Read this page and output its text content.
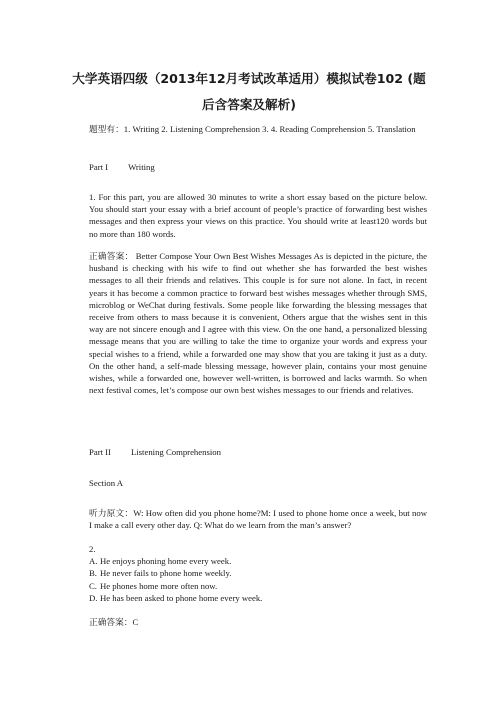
大学英语四级（2013年12月考试改革适用）模拟试卷102 (题后含答案及解析)

题型有：1. Writing 2. Listening Comprehension 3. 4. Reading Comprehension 5. Translation

Part I Writing

1. For this part, you are allowed 30 minutes to write a short essay based on the picture below. You should start your essay with a brief account of people’s practice of forwarding best wishes messages and then express your views on this practice. You should write at least120 words but no more than 180 words.

正确答案： Better Compose Your Own Best Wishes Messages As is depicted in the picture, the husband is checking with his wife to find out whether she has forwarded the best wishes messages to all their friends and relatives. This couple is for sure not alone. In fact, in recent years it has become a common practice to forward best wishes messages whether through SMS, microblog or WeChat during festivals. Some people like forwarding the blessing messages that receive from others to mass because it is convenient, Others argue that the wishes sent in this way are not sincere enough and I agree with this view. On the one hand, a personalized blessing message means that you are willing to take the time to organize your words and express your special wishes to a friend, while a forwarded one may show that you are taking it just as a duty. On the other hand, a self-made blessing message, however plain, contains your most genuine wishes, while a forwarded one, however well-written, is borrowed and lacks warmth. So when next festival comes, let’s compose our own best wishes messages to our friends and relatives.

Part II Listening Comprehension
Section A

听力原文：W: How often did you phone home?M: I used to phone home once a week, but now I make a call every other day. Q: What do we learn from the man’s answer?

2.
A. He enjoys phoning home every week.
B. He never fails to phone home weekly.
C. He phones home more often now.
D. He has been asked to phone home every week.

正确答案：C
